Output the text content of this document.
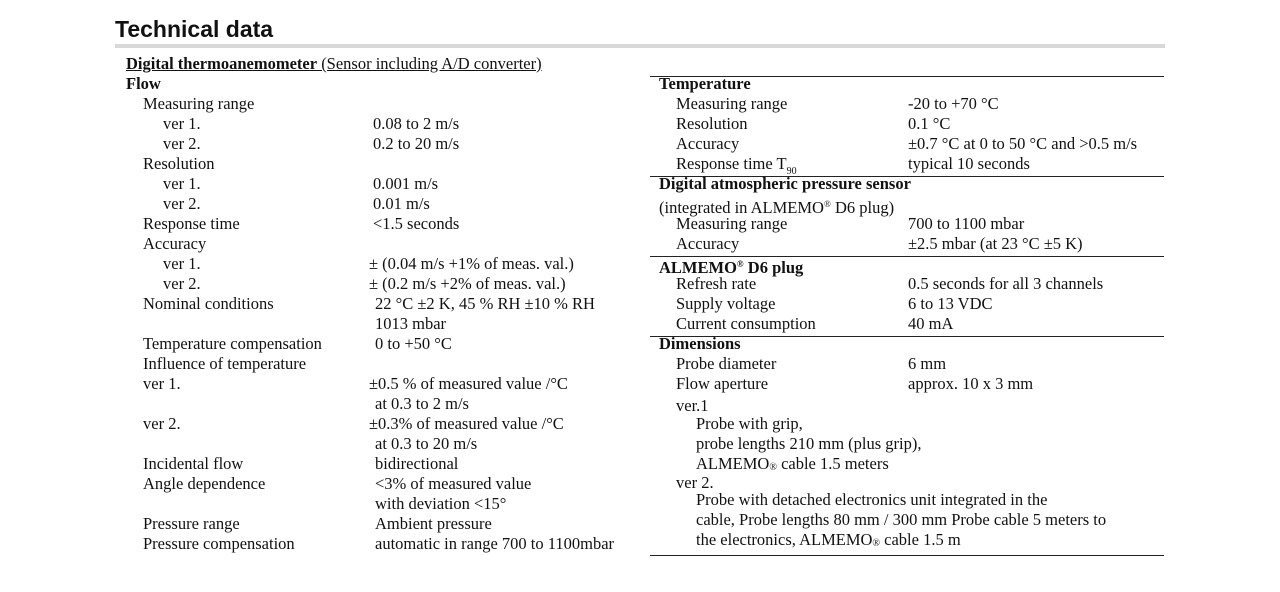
Technical data
Digital thermoanemometer (Sensor including A/D converter)
Flow
Measuring range
ver 1.	0.08 to 2 m/s
ver 2.	0.2 to 20 m/s
Resolution
ver 1.	0.001 m/s
ver 2.	0.01 m/s
Response time	<1.5 seconds
Accuracy
ver 1.	± (0.04 m/s +1% of meas. val.)
ver 2.	± (0.2 m/s +2% of meas. val.)
Nominal conditions	22 °C ±2 K, 45 % RH ±10 % RH
1013 mbar
Temperature compensation	0 to +50 °C
Influence of temperature
ver 1.	±0.5 % of measured value /°C
at 0.3 to 2 m/s
ver 2.	±0.3% of measured value /°C
at 0.3 to 20 m/s
Incidental flow	bidirectional
Angle dependence	<3% of measured value
with deviation <15°
Pressure range	Ambient pressure
Pressure compensation	automatic in range 700 to 1100mbar
Temperature
Measuring range	-20 to +70 °C
Resolution	0.1 °C
Accuracy	±0.7 °C at 0 to 50 °C and >0.5 m/s
Response time $T_{90}$	typical 10 seconds
Digital atmospheric pressure sensor
(integrated in ALMEMO® D6 plug)
Measuring range	700 to 1100 mbar
Accuracy	±2.5 mbar (at 23 °C ±5 K)
ALMEMO® D6 plug
Refresh rate	0.5 seconds for all 3 channels
Supply voltage	6 to 13 VDC
Current consumption	40 mA
Dimensions
Probe diameter	6 mm
Flow aperture	approx. 10 x 3 mm
ver.1
Probe with grip,
probe lengths 210 mm (plus grip),
ALMEMO® cable 1.5 meters
ver 2.
Probe with detached electronics unit integrated in the
cable, Probe lengths 80 mm / 300 mm Probe cable 5 meters to
the electronics, ALMEMO® cable 1.5 m
